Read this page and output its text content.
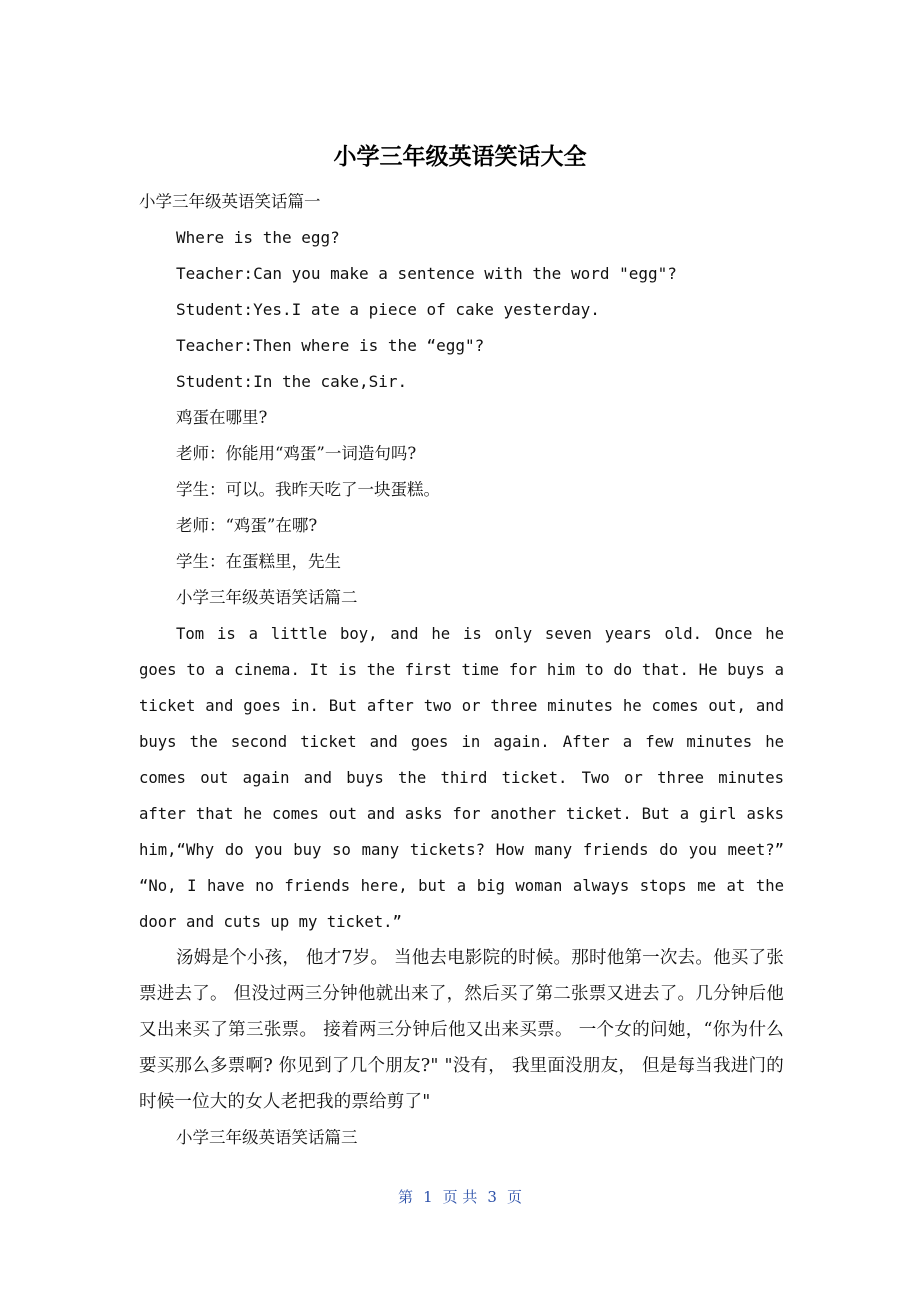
小学三年级英语笑话大全
小学三年级英语笑话篇一
Where is the egg?
Teacher:Can you make a sentence with the word "egg"?
Student:Yes.I ate a piece of cake yesterday.
Teacher:Then where is the “egg"?
Student:In the cake,Sir.
鸡蛋在哪里?
老师：你能用“鸡蛋”一词造句吗?
学生：可以。我昨天吃了一块蛋糕。
老师：“鸡蛋”在哪?
学生：在蛋糕里，先生
小学三年级英语笑话篇二
Tom is a little boy, and he is only seven years old. Once he goes to a cinema. It is the first time for him to do that. He buys a ticket and goes in. But after two or three minutes he comes out, and buys the second ticket and goes in again. After a few minutes he comes out again and buys the third ticket. Two or three minutes after that he comes out and asks for another ticket. But a girl asks him,“Why do you buy so many tickets? How many friends do you meet?” “No, I have no friends here, but a big woman always stops me at the door and cuts up my ticket.”
汤姆是个小孩， 他才7岁。 当他去电影院的时候。那时他第一次去。他买了张票进去了。 但没过两三分钟他就出来了，然后买了第二张票又进去了。几分钟后他又出来买了第三张票。 接着两三分钟后他又出来买票。 一个女的问她，“你为什么要买那么多票啊? 你见到了几个朋友?" "没有， 我里面没朋友， 但是每当我进门的时候一位大的女人老把我的票给剪了"
小学三年级英语笑话篇三
第 1 页 共 3 页
